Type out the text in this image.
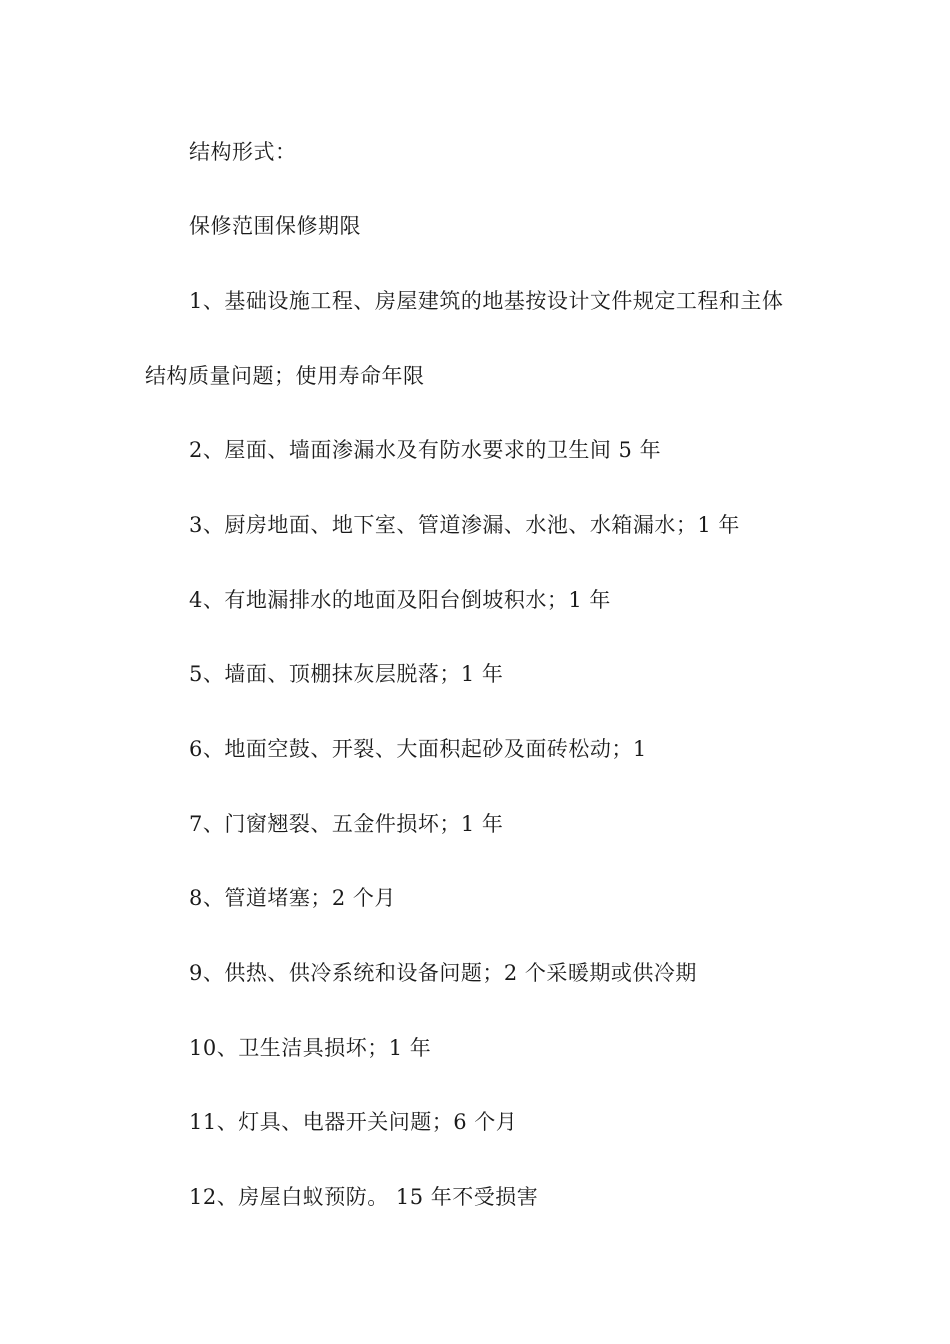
结构形式：
保修范围保修期限
1、基础设施工程、房屋建筑的地基按设计文件规定工程和主体
结构质量问题；使用寿命年限
2、屋面、墙面渗漏水及有防水要求的卫生间 5 年
3、厨房地面、地下室、管道渗漏、水池、水箱漏水；1 年
4、有地漏排水的地面及阳台倒坡积水；1 年
5、墙面、顶棚抹灰层脱落；1 年
6、地面空鼓、开裂、大面积起砂及面砖松动；1
7、门窗翘裂、五金件损坏；1 年
8、管道堵塞；2 个月
9、供热、供冷系统和设备问题；2 个采暖期或供冷期
10、卫生洁具损坏；1 年
11、灯具、电器开关问题；6 个月
12、房屋白蚁预防。 15 年不受损害
